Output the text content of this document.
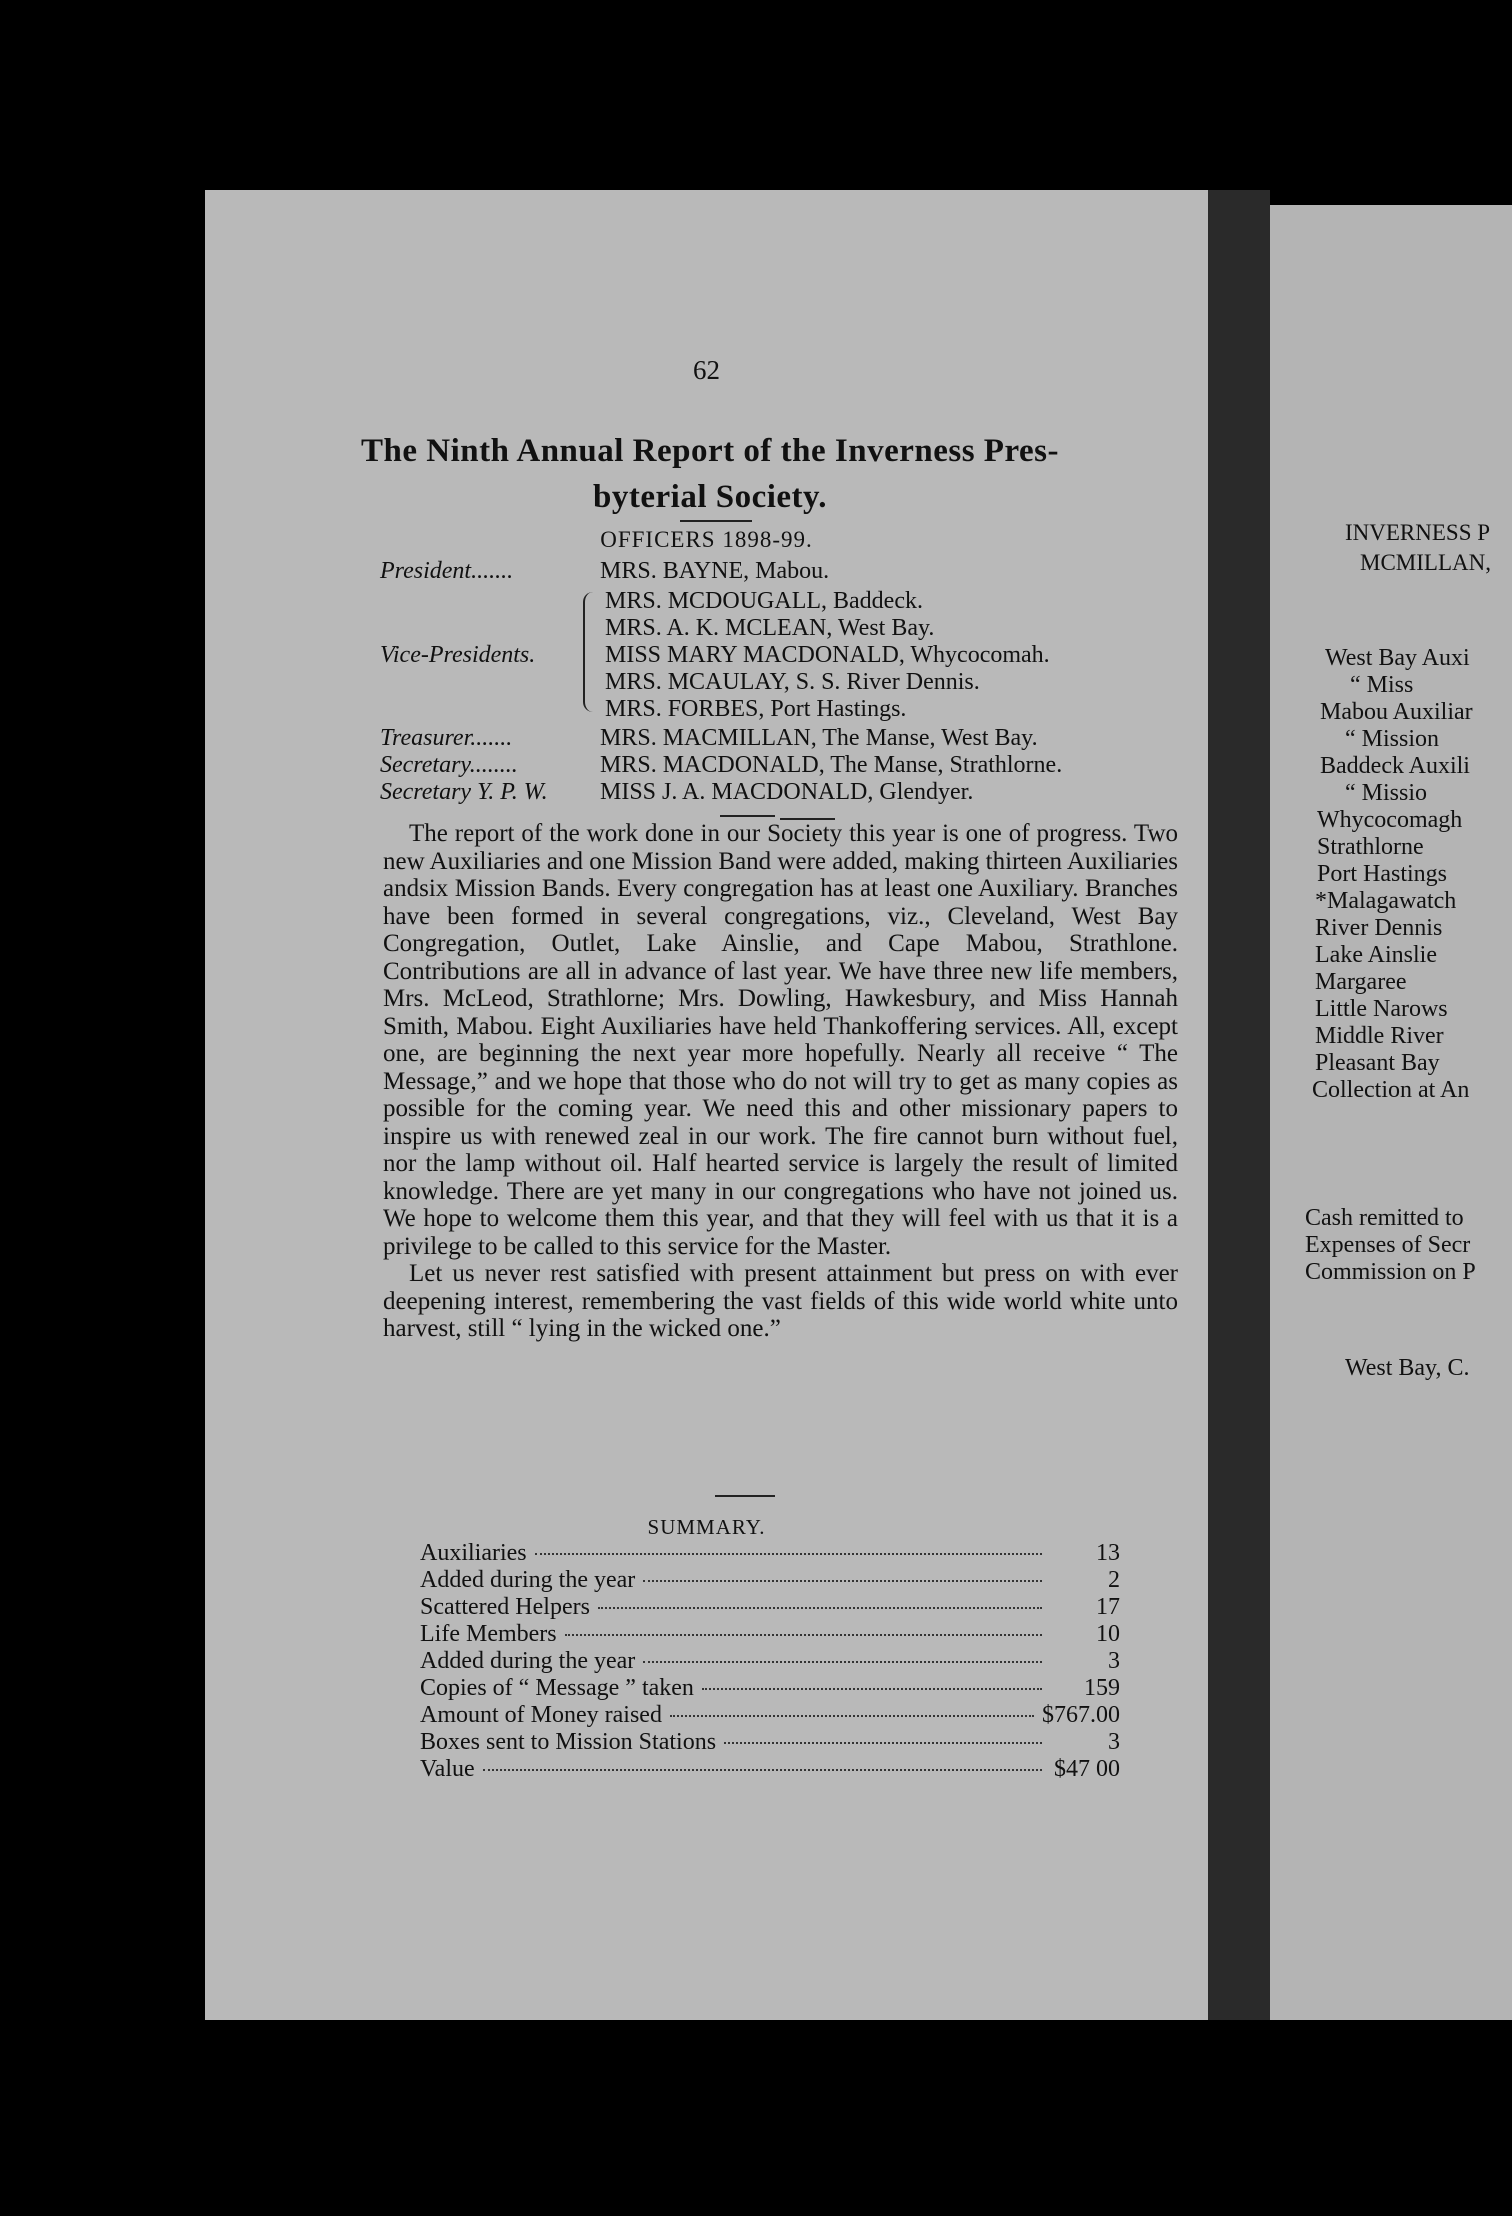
62
The Ninth Annual Report of the Inverness Pres-
byterial Society.
OFFICERS 1898-99.
President.......	MRS. BAYNE, Mabou.
Vice-Presidents.
MRS. MCDOUGALL, Baddeck.
MRS. A. K. MCLEAN, West Bay.
MISS MARY MACDONALD, Whycocomah.
MRS. MCAULAY, S. S. River Dennis.
MRS. FORBES, Port Hastings.
Treasurer.......	MRS. MACMILLAN, The Manse, West Bay.
Secretary........	MRS. MACDONALD, The Manse, Strathlorne.
Secretary Y. P. W. MISS J. A. MACDONALD, Glendyer.

The report of the work done in our Society this year is one of progress. Two new Auxiliaries and one Mission Band were added, making thirteen Auxiliaries andsix Mission Bands. Every congregation has at least one Auxiliary. Branches have been formed in several congregations, viz., Cleveland, West Bay Congregation, Outlet, Lake Ainslie, and Cape Mabou, Strathlone. Contributions are all in advance of last year. We have three new life members, Mrs. McLeod, Strathlorne; Mrs. Dowling, Hawkesbury, and Miss Hannah Smith, Mabou. Eight Auxiliaries have held Thankoffering services. All, except one, are beginning the next year more hopefully. Nearly all receive “ The Message,” and we hope that those who do not will try to get as many copies as possible for the coming year. We need this and other missionary papers to inspire us with renewed zeal in our work. The fire cannot burn without fuel, nor the lamp without oil. Half hearted service is largely the result of limited knowledge. There are yet many in our congregations who have not joined us. We hope to welcome them this year, and that they will feel with us that it is a privilege to be called to this service for the Master.

Let us never rest satisfied with present attainment but press on with ever deepening interest, remembering the vast fields of this wide world white unto harvest, still “ lying in the wicked one.”

SUMMARY.
Auxiliaries	13
Added during the year	2
Scattered Helpers	17
Life Members	10
Added during the year	3
Copies of “ Message ” taken	159
Amount of Money raised	$767.00
Boxes sent to Mission Stations	3
Value	$47 00
INVERNESS P
MCMILLAN,
West Bay Auxi
“ Miss
Mabou Auxiliar
“ Mission
Baddeck Auxili
“ Missio
Whycocomagh
Strathlorne
Port Hastings
*Malagawatch
River Dennis
Lake Ainslie
Margaree
Little Narows
Middle River
Pleasant Bay
Collection at An
Cash remitted to
Expenses of Secr
Commission on P
West Bay, C.
